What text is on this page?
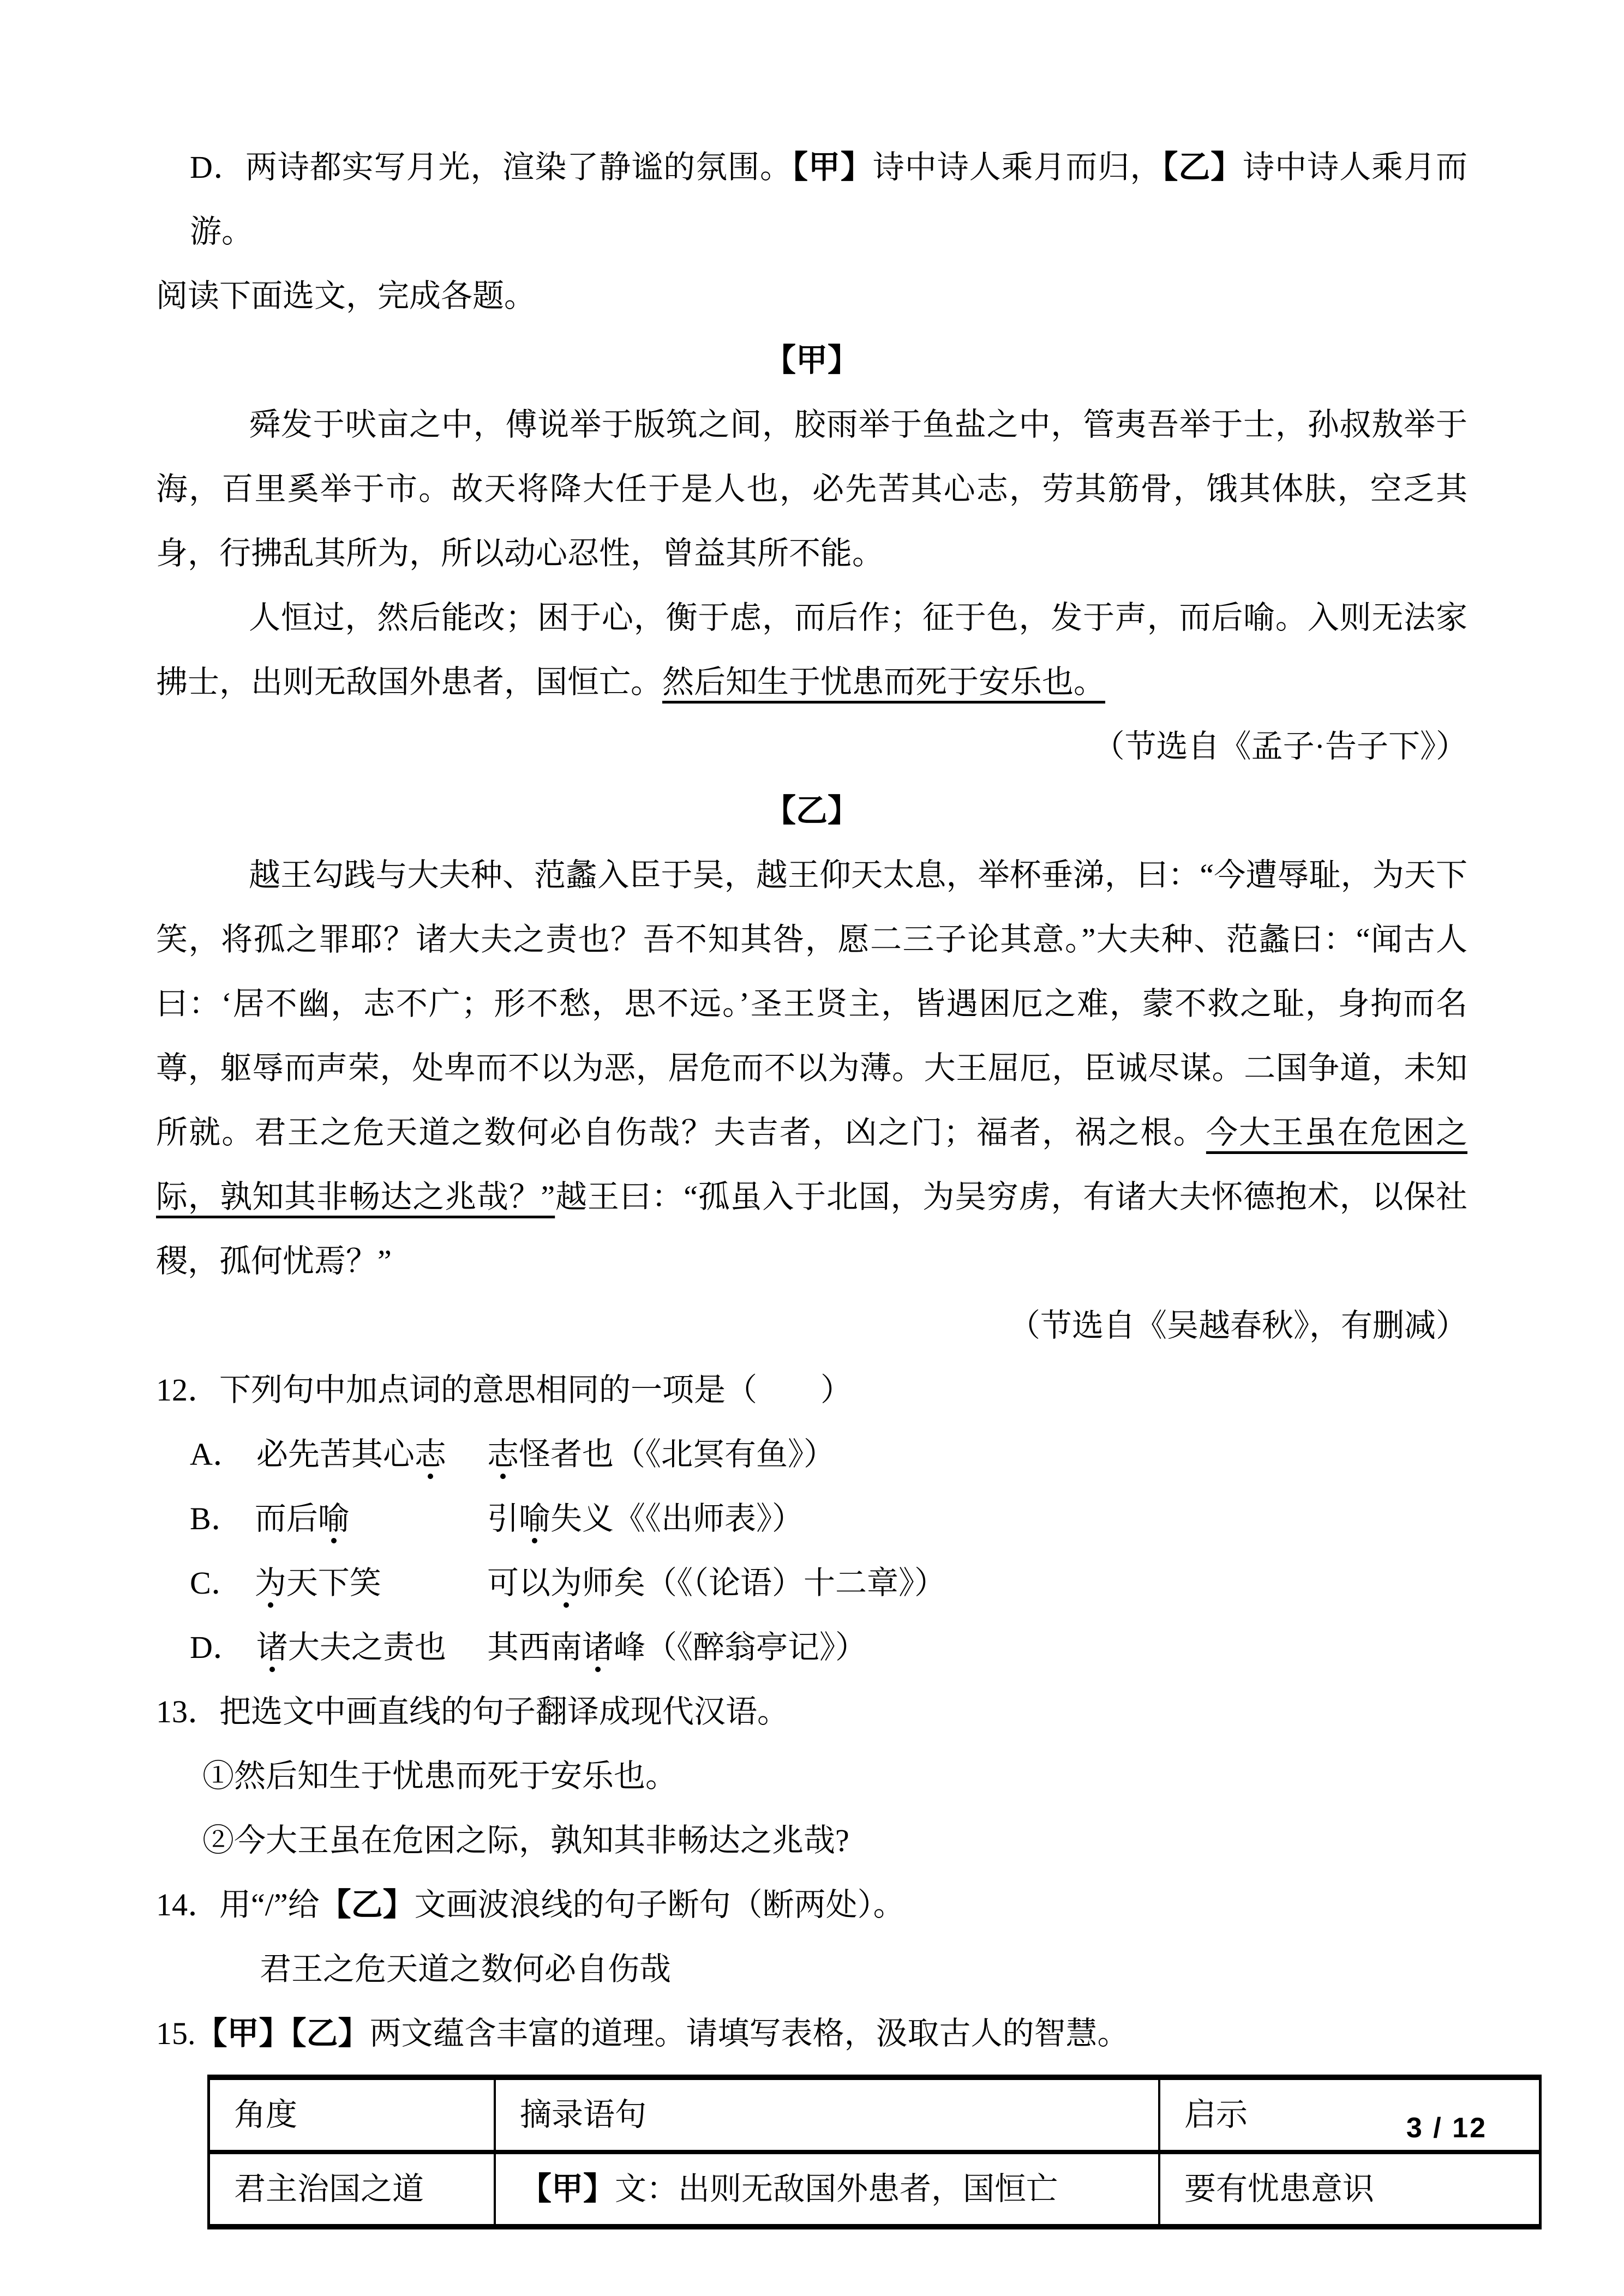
D．两诗都实写月光，渲染了静谧的氛围。【甲】诗中诗人乘月而归，【乙】诗中诗人乘月而游。
阅读下面选文，完成各题。
【甲】
舜发于吠亩之中，傅说举于版筑之间，胶雨举于鱼盐之中，管夷吾举于士，孙叔敖举于海，百里奚举于市。故天将降大任于是人也，必先苦其心志，劳其筋骨，饿其体肤，空乏其身，行拂乱其所为，所以动心忍性，曾益其所不能。
人恒过，然后能改；困于心，衡于虑，而后作；征于色，发于声，而后喻。入则无法家拂士，出则无敌国外患者，国恒亡。然后知生于忧患而死于安乐也。
（节选自《孟子·告子下》）
【乙】
越王勾践与大夫种、范蠡入臣于吴，越王仰天太息，举杯垂涕，曰：“今遭辱耻，为天下笑，将孤之罪耶？诸大夫之责也？吾不知其咎，愿二三子论其意。”大夫种、范蠡曰：“闻古人曰：‘居不幽，志不广；形不愁，思不远。’圣王贤主，皆遇困厄之难，蒙不救之耻，身拘而名尊，躯辱而声荣，处卑而不以为恶，居危而不以为薄。大王屈厄，臣诚尽谋。二国争道，未知所就。君王之危天道之数何必自伤哉？夫吉者，凶之门；福者，祸之根。今大王虽在危困之际，孰知其非畅达之兆哉？”越王曰：“孤虽入于北国，为吴穷虏，有诸大夫怀德抱术，以保社稷，孤何忧焉？”
（节选自《吴越春秋》，有删减）
12．下列句中加点词的意思相同的一项是（　　）
A． 必先苦其心志 志怪者也（《北冥有鱼》）
B． 而后喻	引喻失义《《出师表》）
C． 为天下笑	可以为师矣（《（论语）十二章》）
D． 诸大夫之责也 其西南诸峰（《醉翁亭记》）
13．把选文中画直线的句子翻译成现代汉语。
①然后知生于忧患而死于安乐也。
②今大王虽在危困之际，孰知其非畅达之兆哉?
14．用“/”给【乙】文画波浪线的句子断句（断两处）。
君王之危天道之数何必自伤哉
15.【甲】【乙】两文蕴含丰富的道理。请填写表格，汲取古人的智慧。
角度	摘录语句	启示
君主治国之道	【甲】文：出则无敌国外患者，国恒亡	要有忧患意识
3 / 12
